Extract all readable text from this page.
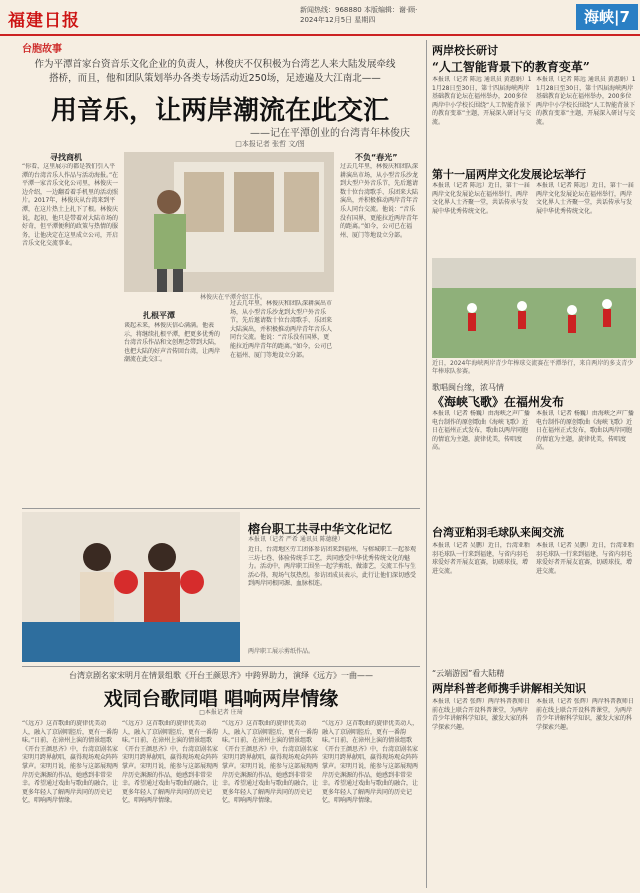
福建日报
新闻热线：968880 本版编辑：谢·顾·
2024年12月5日 星期四	海峡|7
台胞故事
作为平潭首家台资音乐文化企业的负责人，林俊庆不仅积极为台湾艺人来大陆发展牵线搭桥，而且，他和团队策划举办各类专场活动近250场，足迹遍及大江南北——
用音乐，让两岸潮流在此交汇
——记在平潭创业的台湾青年林俊庆
□本报记者 张哲 文/图
寻找商机
“你看，这里展示的都是我们引入平潭的台湾音乐人作品与活动海报。”在平潭一家音乐文化公司里，林俊庆一边介绍，一边翻看着手机里的活动照片。2017年，林俊庆从台湾来到平潭，在这片热土上扎下了根。林俊庆说，起初，他只是带着对大陆市场的好奇，但平潭便利的政策与热情的服务，让他决定在这里成立公司，开启音乐文化交流事业。
林俊庆在平潭介绍工作。
不负“春光”
过去几年里，林俊庆和团队深耕演出市场，从小型音乐沙龙到大型户外音乐节，先后邀请数十位台湾歌手、乐团来大陆演出，并积极推动两岸青年音乐人同台交流。他说：“音乐没有国界，更能拉近两岸青年的距离。”如今，公司已在福州、厦门等地设立分部。
扎根平潭
谈起未来，林俊庆信心满满。他表示，将继续扎根平潭，把更多优秀的台湾音乐作品和文创理念带到大陆，也把大陆的好声音传回台湾，让两岸潮流在此交汇。
过去几年里，林俊庆和团队深耕演出市场，从小型音乐沙龙到大型户外音乐节，先后邀请数十位台湾歌手、乐团来大陆演出，并积极推动两岸青年音乐人同台交流。他说：“音乐没有国界，更能拉近两岸青年的距离。”如今，公司已在福州、厦门等地设立分部。
榕台职工共寻中华文化记忆
本报讯（记者 严希 通讯员 陈德健）
近日，台湾地区劳工团体参访团来到福州，与榕城职工一起参观三坊七巷、体验传统手工艺，共同感受中华优秀传统文化的魅力。活动中，两岸职工围坐一起学剪纸、做漆艺，交流工作与生活心得，现场气氛热烈。参访团成员表示，此行让他们深切感受到两岸同根同源、血脉相连。
两岸职工展示剪纸作品。
台湾京剧名家宋明月在情景组歌《开台王颜思齐》中跨界助力，演绎《远方》一曲——
戏同台歌同唱 唱响两岸情缘
□本报记者 庄琦
“《远方》这首歌曲的旋律优美动人，融入了京剧唱腔后，更有一番韵味。”日前，在漳州上演的情景组歌《开台王颜思齐》中，台湾京剧名家宋明月跨界献唱，赢得现场观众阵阵掌声。宋明月说，能参与这部展现两岸历史渊源的作品，她感到非常荣幸。希望通过戏曲与歌曲的融合，让更多年轻人了解两岸共同的历史记忆，唱响两岸情缘。
“《远方》这首歌曲的旋律优美动人，融入了京剧唱腔后，更有一番韵味。”日前，在漳州上演的情景组歌《开台王颜思齐》中，台湾京剧名家宋明月跨界献唱，赢得现场观众阵阵掌声。宋明月说，能参与这部展现两岸历史渊源的作品，她感到非常荣幸。希望通过戏曲与歌曲的融合，让更多年轻人了解两岸共同的历史记忆，唱响两岸情缘。
“《远方》这首歌曲的旋律优美动人，融入了京剧唱腔后，更有一番韵味。”日前，在漳州上演的情景组歌《开台王颜思齐》中，台湾京剧名家宋明月跨界献唱，赢得现场观众阵阵掌声。宋明月说，能参与这部展现两岸历史渊源的作品，她感到非常荣幸。希望通过戏曲与歌曲的融合，让更多年轻人了解两岸共同的历史记忆，唱响两岸情缘。
“《远方》这首歌曲的旋律优美动人，融入了京剧唱腔后，更有一番韵味。”日前，在漳州上演的情景组歌《开台王颜思齐》中，台湾京剧名家宋明月跨界献唱，赢得现场观众阵阵掌声。宋明月说，能参与这部展现两岸历史渊源的作品，她感到非常荣幸。希望通过戏曲与歌曲的融合，让更多年轻人了解两岸共同的历史记忆，唱响两岸情缘。
两岸校长研讨
“人工智能背景下的教育变革”
本报讯（记者 陈远 通讯员 黄惠娟）11月28日至30日，第十四届海峡两岸基础教育论坛在福州举办，200多位两岸中小学校长围绕“人工智能背景下的教育变革”主题，开展深入研讨与交流。
本报讯（记者 陈远 通讯员 黄惠娟）11月28日至30日，第十四届海峡两岸基础教育论坛在福州举办，200多位两岸中小学校长围绕“人工智能背景下的教育变革”主题，开展深入研讨与交流。
第十一届两岸文化发展论坛举行
本报讯（记者 陈远）近日，第十一届两岸文化发展论坛在福州举行，两岸文化界人士齐聚一堂，共话传承与发展中华优秀传统文化。
本报讯（记者 陈远）近日，第十一届两岸文化发展论坛在福州举行，两岸文化界人士齐聚一堂，共话传承与发展中华优秀传统文化。
近日，2024年海峡两岸青少年棒球交流赛在平潭举行，来自两岸的多支青少年棒球队参赛。
歌唱闽台缘，浓马情
《海峡飞歌》在福州发布
本报讯（记者 杨巍）由海峡之声广播电台制作的原创歌曲《海峡飞歌》近日在福州正式发布，歌曲以两岸同胞的情谊为主题，旋律优美，传唱度高。
本报讯（记者 杨巍）由海峡之声广播电台制作的原创歌曲《海峡飞歌》近日在福州正式发布，歌曲以两岸同胞的情谊为主题，旋律优美，传唱度高。
台湾亚粕羽毛球队来闽交流
本报讯（记者 吴鹏）近日，台湾亚粕羽毛球队一行来到福建，与省内羽毛球爱好者开展友谊赛，切磋球技，增进交流。
本报讯（记者 吴鹏）近日，台湾亚粕羽毛球队一行来到福建，与省内羽毛球爱好者开展友谊赛，切磋球技，增进交流。
“云端游园”看大陆精
两岸科普老师携手讲解相关知识
本报讯（记者 张辉）两岸科普教师日前在线上联合开设科普课堂，为两岸青少年讲解科学知识，激发大家的科学探索兴趣。
本报讯（记者 张辉）两岸科普教师日前在线上联合开设科普课堂，为两岸青少年讲解科学知识，激发大家的科学探索兴趣。
